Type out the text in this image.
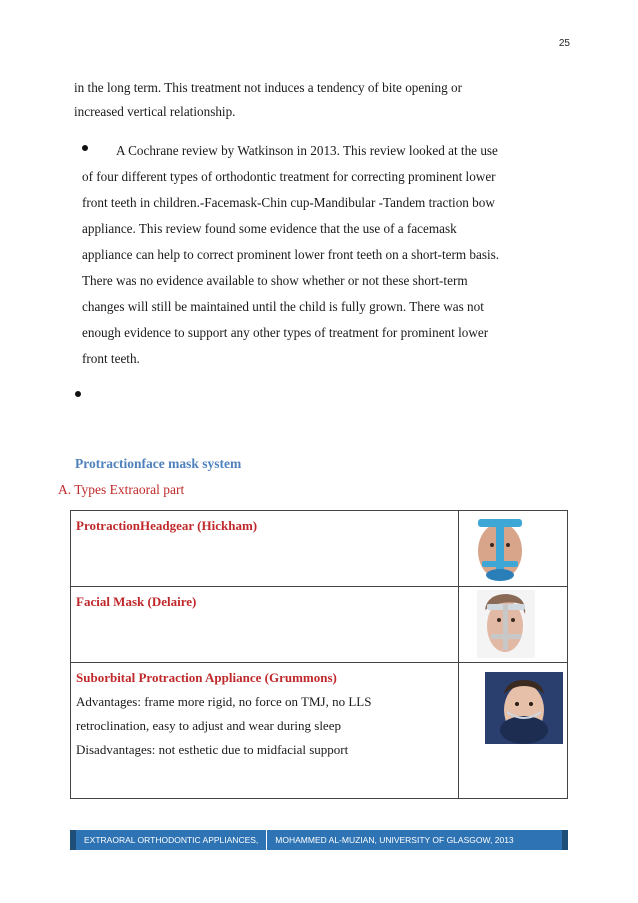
25

in the long term. This treatment not induces a tendency of bite opening or

increased vertical relationship.

A Cochrane review by Watkinson in 2013. This review looked at the use
of four different types of orthodontic treatment for correcting prominent lower
front teeth in children.-Facemask-Chin cup-Mandibular -Tandem traction bow
appliance. This review found some evidence that the use of a facemask
appliance can help to correct prominent lower front teeth on a short-term basis.
There was no evidence available to show whether or not these short-term
changes will still be maintained until the child is fully grown. There was not
enough evidence to support any other types of treatment for prominent lower
front teeth.

Protractionface mask system
A. Types Extraoral part
ProtractionHeadgear (Hickham)

Facial Mask (Delaire)

Suborbital Protraction Appliance (Grummons)
Advantages: frame more rigid, no force on TMJ, no LLS
retroclination, easy to adjust and wear during sleep
Disadvantages: not esthetic due to midfacial support

EXTRAORAL ORTHODONTIC APPLIANCES,	MOHAMMED AL-MUZIAN, UNIVERSITY OF GLASGOW, 2013
